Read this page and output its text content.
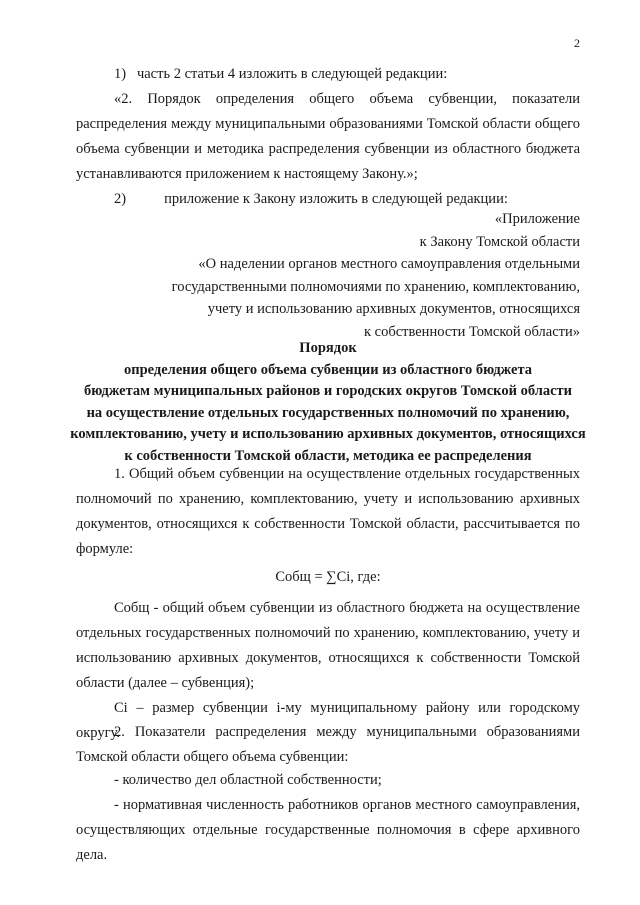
2
1)   часть 2 статьи 4 изложить в следующей редакции:
«2. Порядок определения общего объема субвенции, показатели распределения между муниципальными образованиями Томской области общего объема субвенции и методика распределения субвенции из областного бюджета устанавливаются приложением к настоящему Закону.»;
2)	приложение к Закону изложить в следующей редакции:
«Приложение
к Закону Томской области
«О наделении органов местного самоуправления отдельными
государственными полномочиями по хранению, комплектованию,
учету и использованию архивных документов, относящихся
к собственности Томской области»
Порядок
определения общего объема субвенции из областного бюджета
бюджетам муниципальных районов и городских округов Томской области
на осуществление отдельных государственных полномочий по хранению,
комплектованию, учету и использованию архивных документов, относящихся
к собственности Томской области, методика ее распределения
1. Общий объем субвенции на осуществление отдельных государственных полномочий по хранению, комплектованию, учету и использованию архивных документов, относящихся к собственности Томской области, рассчитывается по формуле:
Собщ = ∑Сi, где:
Собщ - общий объем субвенции из областного бюджета на осуществление отдельных государственных полномочий по хранению, комплектованию, учету и использованию архивных документов, относящихся к собственности Томской области (далее – субвенция);
Сi – размер субвенции i-му муниципальному району или городскому округу.
2. Показатели распределения между муниципальными образованиями Томской области общего объема субвенции:
- количество дел областной собственности;
- нормативная численность работников органов местного самоуправления, осуществляющих отдельные государственные полномочия в сфере архивного дела.
